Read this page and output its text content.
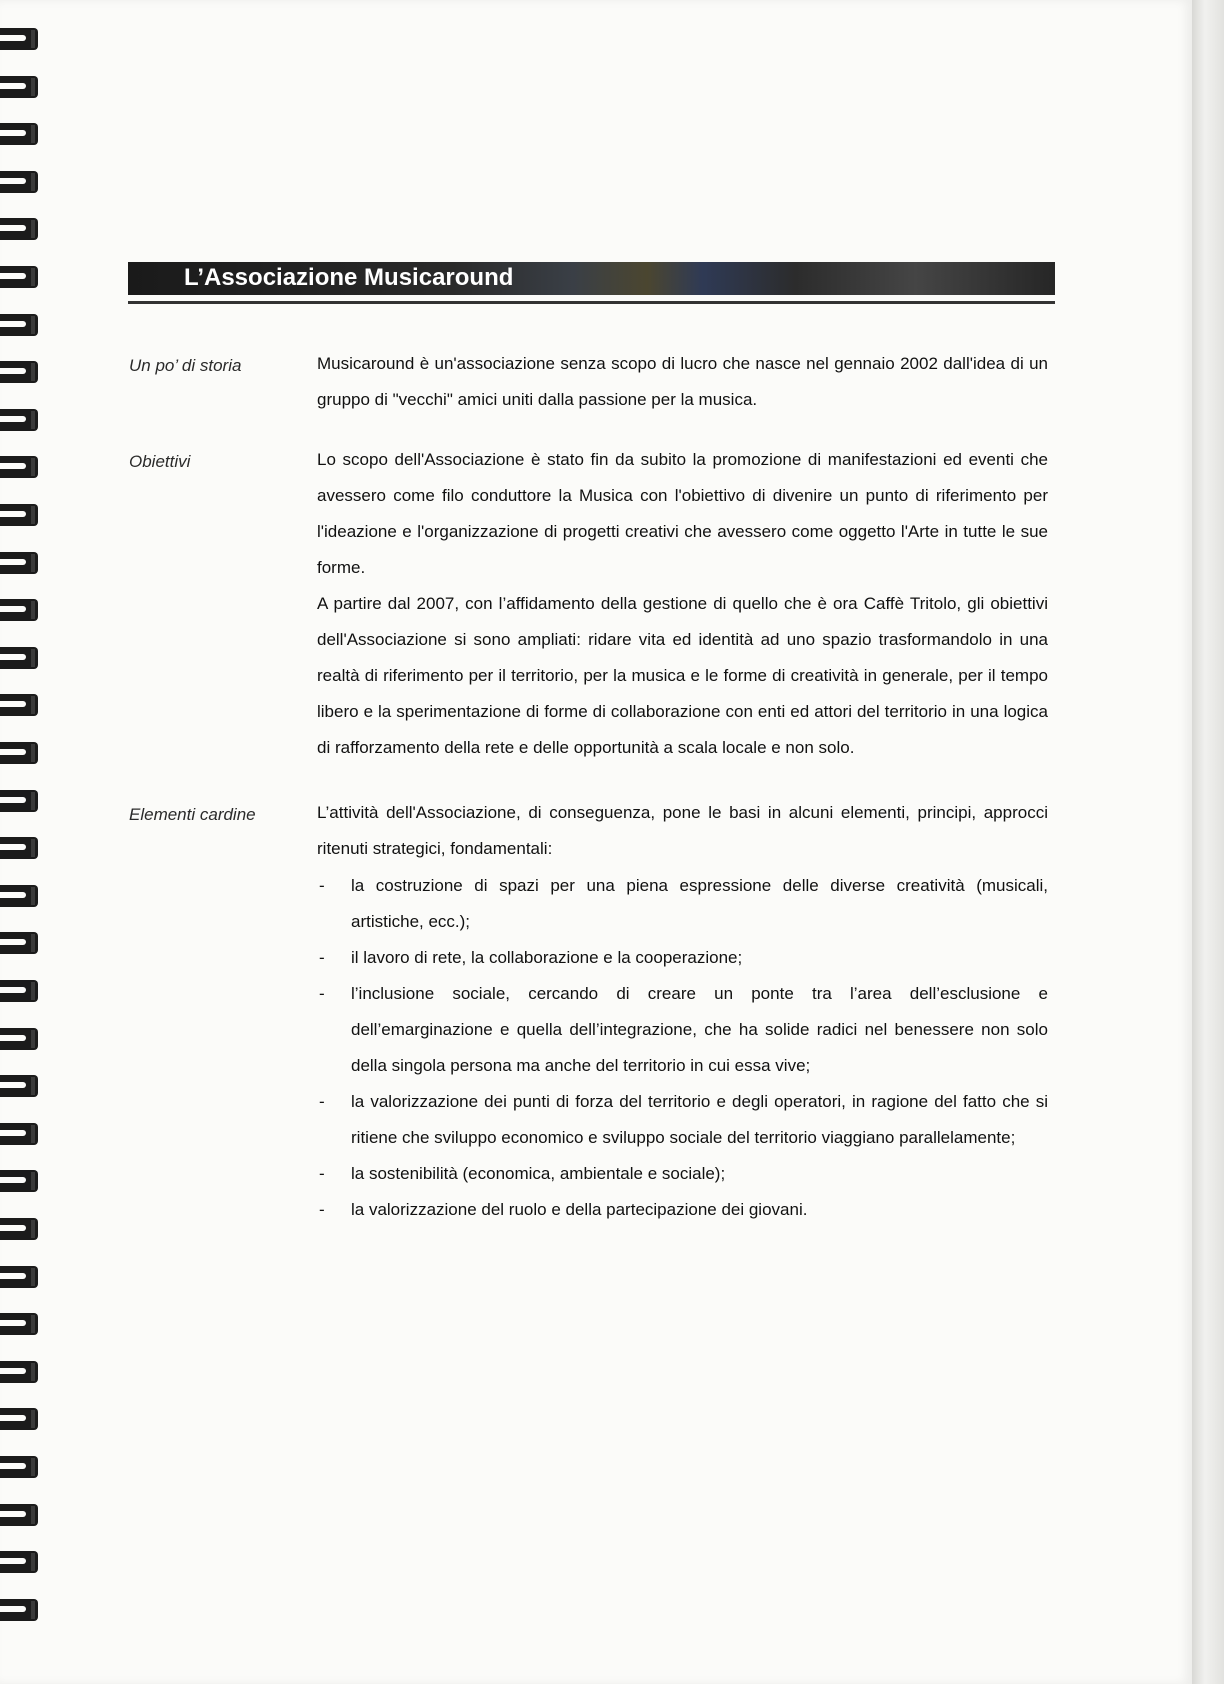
L’Associazione Musicaround
Un po’ di storia	Musicaround è un'associazione senza scopo di lucro che nasce nel gennaio 2002 dall'idea di un gruppo di "vecchi" amici uniti dalla passione per la musica.

Obiettivi	Lo scopo dell'Associazione è stato fin da subito la promozione di manifestazioni ed eventi che avessero come filo conduttore la Musica con l'obiettivo di divenire un punto di riferimento per l'ideazione e l'organizzazione di progetti creativi che avessero come oggetto l'Arte in tutte le sue forme.

A partire dal 2007, con l’affidamento della gestione di quello che è ora Caffè Tritolo, gli obiettivi dell'Associazione si sono ampliati: ridare vita ed identità ad uno spazio trasformandolo in una realtà di riferimento per il territorio, per la musica e le forme di creatività in generale, per il tempo libero e la sperimentazione di forme di collaborazione con enti ed attori del territorio in una logica di rafforzamento della rete e delle opportunità a scala locale e non solo.

Elementi cardine	L’attività dell'Associazione, di conseguenza, pone le basi in alcuni elementi, principi, approcci ritenuti strategici, fondamentali:

- la costruzione di spazi per una piena espressione delle diverse creatività (musicali, artistiche, ecc.);
- il lavoro di rete, la collaborazione e la cooperazione;
- l’inclusione sociale, cercando di creare un ponte tra l’area dell’esclusione e dell’emarginazione e quella dell’integrazione, che ha solide radici nel benessere non solo della singola persona ma anche del territorio in cui essa vive;
- la valorizzazione dei punti di forza del territorio e degli operatori, in ragione del fatto che si ritiene che sviluppo economico e sviluppo sociale del territorio viaggiano parallelamente;
- la sostenibilità (economica, ambientale e sociale);
- la valorizzazione del ruolo e della partecipazione dei giovani.
